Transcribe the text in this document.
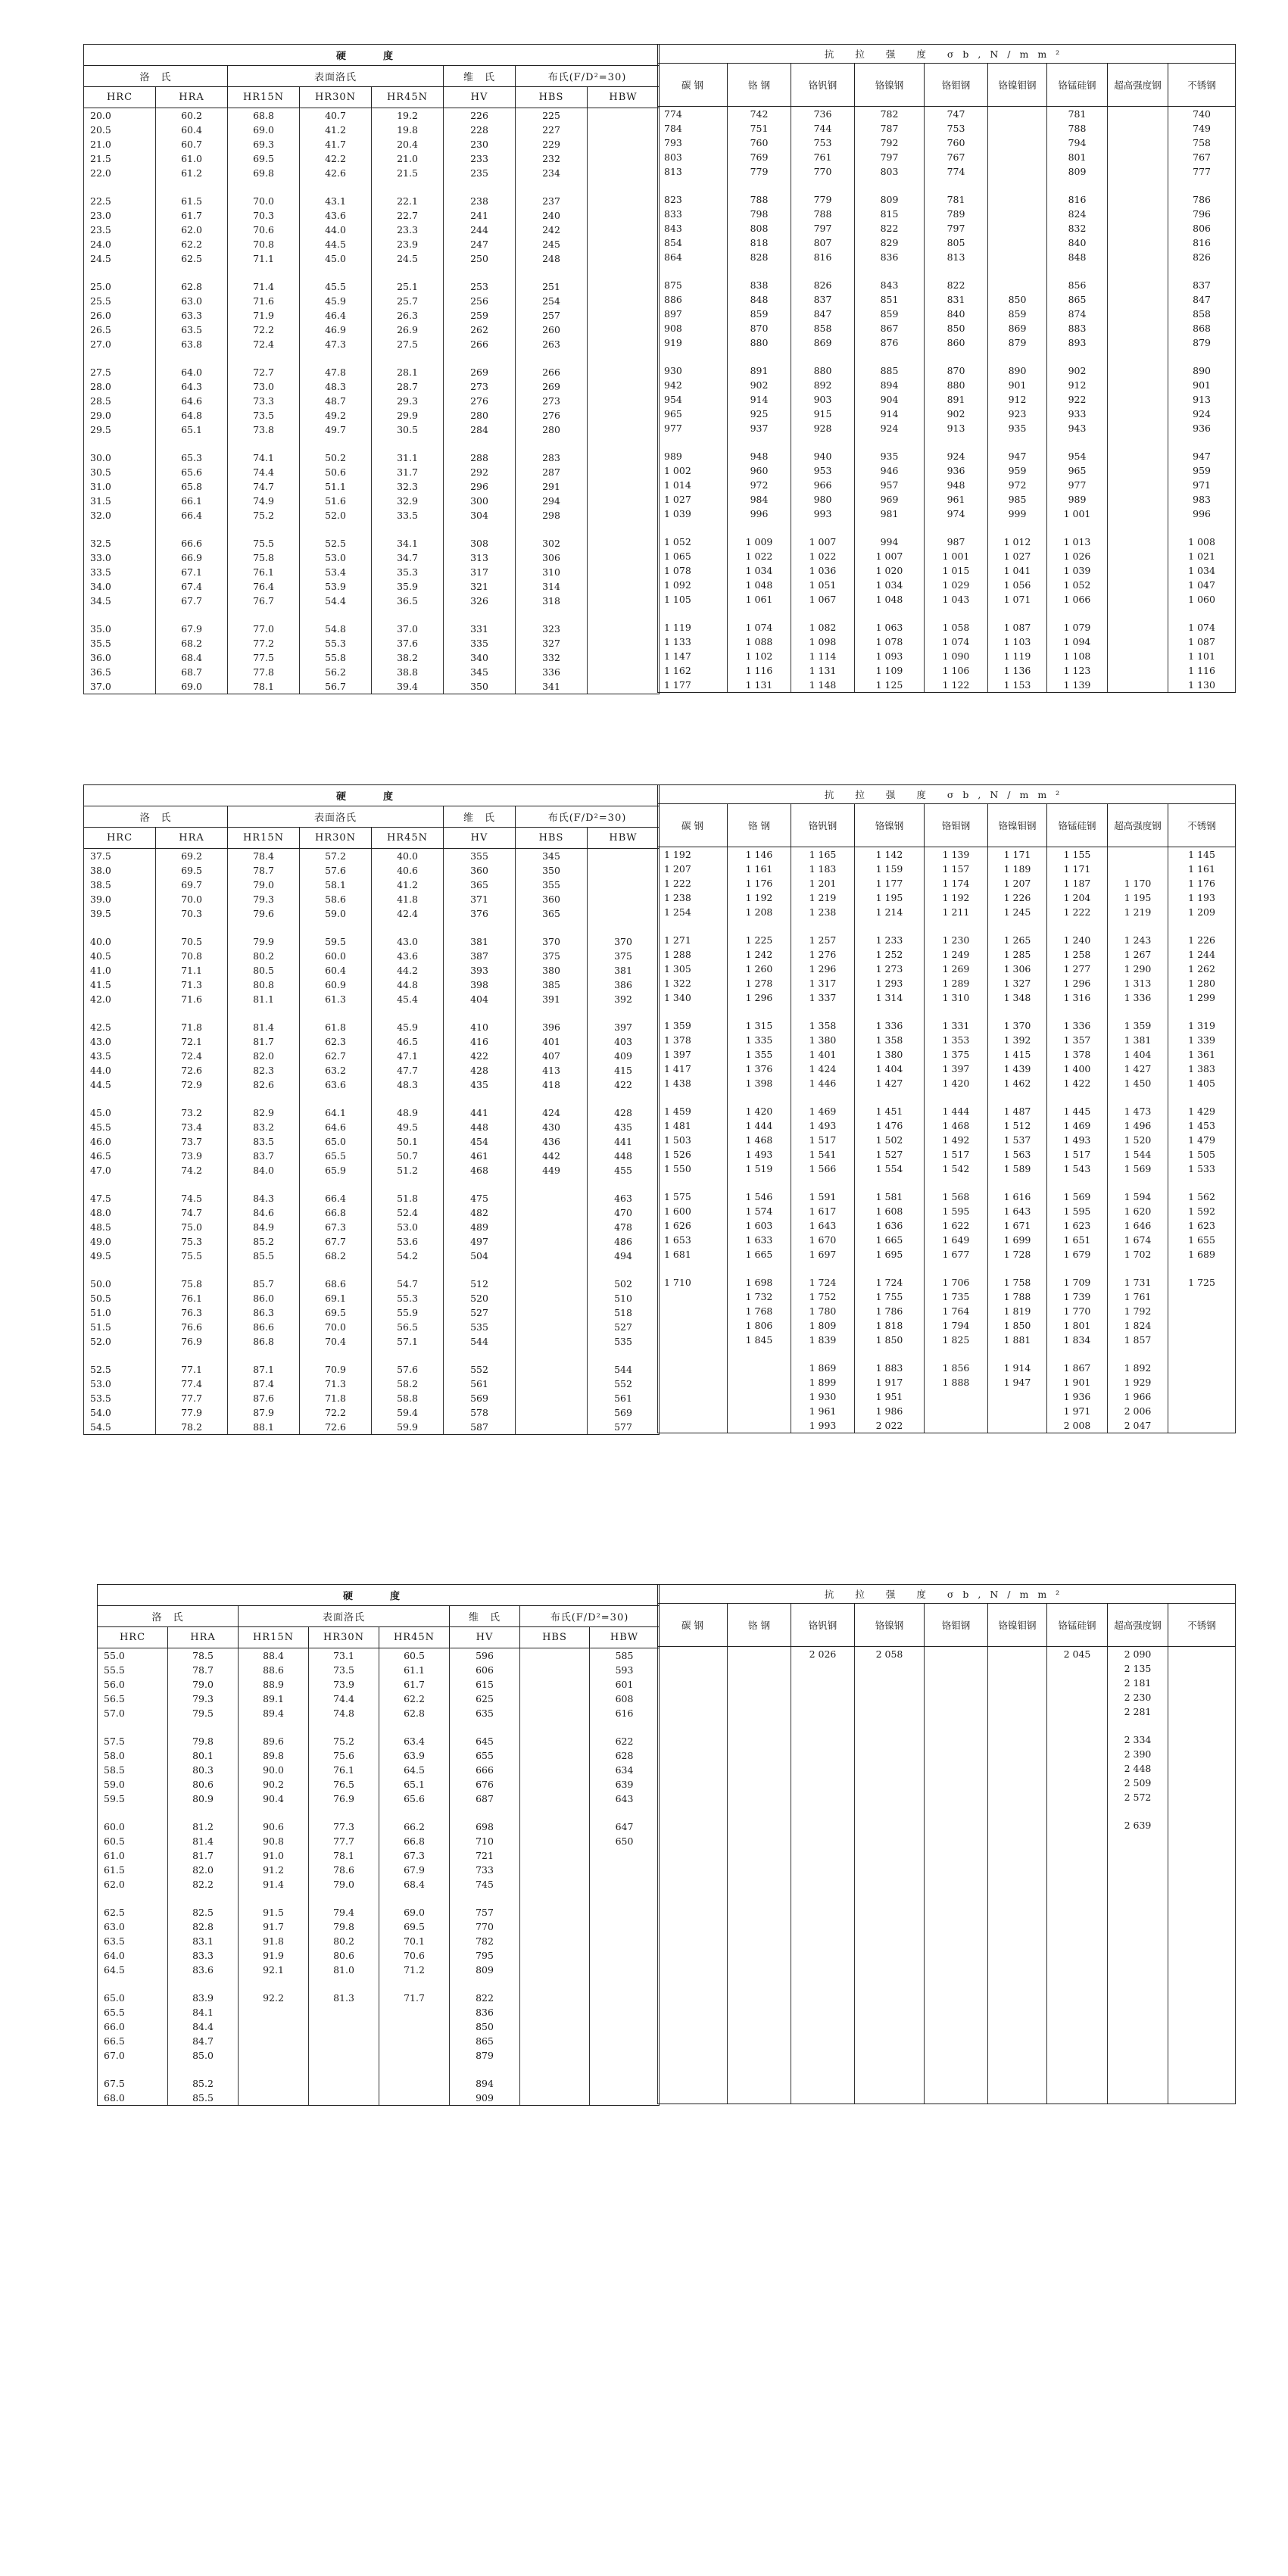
硬　度							
洛　氏		表面洛氏			维　氏	布氏(F/D²=30)	
HRC	HRA	HR15N	HR30N	HR45N	HV	HBS	HBW
20.0	60.2	68.8	40.7	19.2	226	225	
20.5	60.4	69.0	41.2	19.8	228	227	
21.0	60.7	69.3	41.7	20.4	230	229	
21.5	61.0	69.5	42.2	21.0	233	232	
22.0	61.2	69.8	42.6	21.5	235	234	

22.5	61.5	70.0	43.1	22.1	238	237	
23.0	61.7	70.3	43.6	22.7	241	240	
23.5	62.0	70.6	44.0	23.3	244	242	
24.0	62.2	70.8	44.5	23.9	247	245	
24.5	62.5	71.1	45.0	24.5	250	248	

25.0	62.8	71.4	45.5	25.1	253	251	
25.5	63.0	71.6	45.9	25.7	256	254	
26.0	63.3	71.9	46.4	26.3	259	257	
26.5	63.5	72.2	46.9	26.9	262	260	
27.0	63.8	72.4	47.3	27.5	266	263	

27.5	64.0	72.7	47.8	28.1	269	266	
28.0	64.3	73.0	48.3	28.7	273	269	
28.5	64.6	73.3	48.7	29.3	276	273	
29.0	64.8	73.5	49.2	29.9	280	276	
29.5	65.1	73.8	49.7	30.5	284	280	

30.0	65.3	74.1	50.2	31.1	288	283	
30.5	65.6	74.4	50.6	31.7	292	287	
31.0	65.8	74.7	51.1	32.3	296	291	
31.5	66.1	74.9	51.6	32.9	300	294	
32.0	66.4	75.2	52.0	33.5	304	298	

32.5	66.6	75.5	52.5	34.1	308	302	
33.0	66.9	75.8	53.0	34.7	313	306	
33.5	67.1	76.1	53.4	35.3	317	310	
34.0	67.4	76.4	53.9	35.9	321	314	
34.5	67.7	76.7	54.4	36.5	326	318	

35.0	67.9	77.0	54.8	37.0	331	323	
35.5	68.2	77.2	55.3	37.6	335	327	
36.0	68.4	77.5	55.8	38.2	340	332	
36.5	68.7	77.8	56.2	38.8	345	336	
37.0	69.0	78.1	56.7	39.4	350	341	
抗 拉 强 度 σb,N/mm²								
碳 钢	铬 钢	铬钒钢	铬镍钢	铬钼钢	铬镍钼钢	铬锰硅钢	超高强度钢	不锈钢
774	742	736	782	747		781		740
784	751	744	787	753		788		749
793	760	753	792	760		794		758
803	769	761	797	767		801		767
813	779	770	803	774		809		777

823	788	779	809	781		816		786
833	798	788	815	789		824		796
843	808	797	822	797		832		806
854	818	807	829	805		840		816
864	828	816	836	813		848		826

875	838	826	843	822		856		837
886	848	837	851	831	850	865		847
897	859	847	859	840	859	874		858
908	870	858	867	850	869	883		868
919	880	869	876	860	879	893		879

930	891	880	885	870	890	902		890
942	902	892	894	880	901	912		901
954	914	903	904	891	912	922		913
965	925	915	914	902	923	933		924
977	937	928	924	913	935	943		936

989	948	940	935	924	947	954		947
1 002	960	953	946	936	959	965		959
1 014	972	966	957	948	972	977		971
1 027	984	980	969	961	985	989		983
1 039	996	993	981	974	999	1 001		996

1 052	1 009	1 007	994	987	1 012	1 013		1 008
1 065	1 022	1 022	1 007	1 001	1 027	1 026		1 021
1 078	1 034	1 036	1 020	1 015	1 041	1 039		1 034
1 092	1 048	1 051	1 034	1 029	1 056	1 052		1 047
1 105	1 061	1 067	1 048	1 043	1 071	1 066		1 060

1 119	1 074	1 082	1 063	1 058	1 087	1 079		1 074
1 133	1 088	1 098	1 078	1 074	1 103	1 094		1 087
1 147	1 102	1 114	1 093	1 090	1 119	1 108		1 101
1 162	1 116	1 131	1 109	1 106	1 136	1 123		1 116
1 177	1 131	1 148	1 125	1 122	1 153	1 139		1 130
硬　度							
洛　氏		表面洛氏			维　氏	布氏(F/D²=30)	
HRC	HRA	HR15N	HR30N	HR45N	HV	HBS	HBW
37.5	69.2	78.4	57.2	40.0	355	345	
38.0	69.5	78.7	57.6	40.6	360	350	
38.5	69.7	79.0	58.1	41.2	365	355	
39.0	70.0	79.3	58.6	41.8	371	360	
39.5	70.3	79.6	59.0	42.4	376	365	

40.0	70.5	79.9	59.5	43.0	381	370	370
40.5	70.8	80.2	60.0	43.6	387	375	375
41.0	71.1	80.5	60.4	44.2	393	380	381
41.5	71.3	80.8	60.9	44.8	398	385	386
42.0	71.6	81.1	61.3	45.4	404	391	392

42.5	71.8	81.4	61.8	45.9	410	396	397
43.0	72.1	81.7	62.3	46.5	416	401	403
43.5	72.4	82.0	62.7	47.1	422	407	409
44.0	72.6	82.3	63.2	47.7	428	413	415
44.5	72.9	82.6	63.6	48.3	435	418	422

45.0	73.2	82.9	64.1	48.9	441	424	428
45.5	73.4	83.2	64.6	49.5	448	430	435
46.0	73.7	83.5	65.0	50.1	454	436	441
46.5	73.9	83.7	65.5	50.7	461	442	448
47.0	74.2	84.0	65.9	51.2	468	449	455

47.5	74.5	84.3	66.4	51.8	475		463
48.0	74.7	84.6	66.8	52.4	482		470
48.5	75.0	84.9	67.3	53.0	489		478
49.0	75.3	85.2	67.7	53.6	497		486
49.5	75.5	85.5	68.2	54.2	504		494

50.0	75.8	85.7	68.6	54.7	512		502
50.5	76.1	86.0	69.1	55.3	520		510
51.0	76.3	86.3	69.5	55.9	527		518
51.5	76.6	86.6	70.0	56.5	535		527
52.0	76.9	86.8	70.4	57.1	544		535

52.5	77.1	87.1	70.9	57.6	552		544
53.0	77.4	87.4	71.3	58.2	561		552
53.5	77.7	87.6	71.8	58.8	569		561
54.0	77.9	87.9	72.2	59.4	578		569
54.5	78.2	88.1	72.6	59.9	587		577
抗 拉 强 度 σb,N/mm²								
碳 钢	铬 钢	铬钒钢	铬镍钢	铬钼钢	铬镍钼钢	铬锰硅钢	超高强度钢	不锈钢
1 192	1 146	1 165	1 142	1 139	1 171	1 155		1 145
1 207	1 161	1 183	1 159	1 157	1 189	1 171		1 161
1 222	1 176	1 201	1 177	1 174	1 207	1 187	1 170	1 176
1 238	1 192	1 219	1 195	1 192	1 226	1 204	1 195	1 193
1 254	1 208	1 238	1 214	1 211	1 245	1 222	1 219	1 209

1 271	1 225	1 257	1 233	1 230	1 265	1 240	1 243	1 226
1 288	1 242	1 276	1 252	1 249	1 285	1 258	1 267	1 244
1 305	1 260	1 296	1 273	1 269	1 306	1 277	1 290	1 262
1 322	1 278	1 317	1 293	1 289	1 327	1 296	1 313	1 280
1 340	1 296	1 337	1 314	1 310	1 348	1 316	1 336	1 299

1 359	1 315	1 358	1 336	1 331	1 370	1 336	1 359	1 319
1 378	1 335	1 380	1 358	1 353	1 392	1 357	1 381	1 339
1 397	1 355	1 401	1 380	1 375	1 415	1 378	1 404	1 361
1 417	1 376	1 424	1 404	1 397	1 439	1 400	1 427	1 383
1 438	1 398	1 446	1 427	1 420	1 462	1 422	1 450	1 405

1 459	1 420	1 469	1 451	1 444	1 487	1 445	1 473	1 429
1 481	1 444	1 493	1 476	1 468	1 512	1 469	1 496	1 453
1 503	1 468	1 517	1 502	1 492	1 537	1 493	1 520	1 479
1 526	1 493	1 541	1 527	1 517	1 563	1 517	1 544	1 505
1 550	1 519	1 566	1 554	1 542	1 589	1 543	1 569	1 533

1 575	1 546	1 591	1 581	1 568	1 616	1 569	1 594	1 562
1 600	1 574	1 617	1 608	1 595	1 643	1 595	1 620	1 592
1 626	1 603	1 643	1 636	1 622	1 671	1 623	1 646	1 623
1 653	1 633	1 670	1 665	1 649	1 699	1 651	1 674	1 655
1 681	1 665	1 697	1 695	1 677	1 728	1 679	1 702	1 689

1 710	1 698	1 724	1 724	1 706	1 758	1 709	1 731	1 725
	1 732	1 752	1 755	1 735	1 788	1 739	1 761	
	1 768	1 780	1 786	1 764	1 819	1 770	1 792	
	1 806	1 809	1 818	1 794	1 850	1 801	1 824	
	1 845	1 839	1 850	1 825	1 881	1 834	1 857	

		1 869	1 883	1 856	1 914	1 867	1 892	
		1 899	1 917	1 888	1 947	1 901	1 929	
		1 930	1 951			1 936	1 966	
		1 961	1 986			1 971	2 006	
		1 993	2 022			2 008	2 047	
硬　度							
洛　氏		表面洛氏			维　氏	布氏(F/D²=30)	
HRC	HRA	HR15N	HR30N	HR45N	HV	HBS	HBW
55.0	78.5	88.4	73.1	60.5	596		585
55.5	78.7	88.6	73.5	61.1	606		593
56.0	79.0	88.9	73.9	61.7	615		601
56.5	79.3	89.1	74.4	62.2	625		608
57.0	79.5	89.4	74.8	62.8	635		616

57.5	79.8	89.6	75.2	63.4	645		622
58.0	80.1	89.8	75.6	63.9	655		628
58.5	80.3	90.0	76.1	64.5	666		634
59.0	80.6	90.2	76.5	65.1	676		639
59.5	80.9	90.4	76.9	65.6	687		643

60.0	81.2	90.6	77.3	66.2	698		647
60.5	81.4	90.8	77.7	66.8	710		650
61.0	81.7	91.0	78.1	67.3	721		
61.5	82.0	91.2	78.6	67.9	733		
62.0	82.2	91.4	79.0	68.4	745		

62.5	82.5	91.5	79.4	69.0	757		
63.0	82.8	91.7	79.8	69.5	770		
63.5	83.1	91.8	80.2	70.1	782		
64.0	83.3	91.9	80.6	70.6	795		
64.5	83.6	92.1	81.0	71.2	809		

65.0	83.9	92.2	81.3	71.7	822		
65.5	84.1				836		
66.0	84.4				850		
66.5	84.7				865		
67.0	85.0				879		

67.5	85.2				894		
68.0	85.5				909		
抗 拉 强 度 σb,N/mm²								
碳 钢	铬 钢	铬钒钢	铬镍钢	铬钼钢	铬镍钼钢	铬锰硅钢	超高强度钢	不锈钢
		2 026	2 058			2 045	2 090	
							2 135	
							2 181	
							2 230	
							2 281	

							2 334	
							2 390	
							2 448	
							2 509	
							2 572	

							2 639	
